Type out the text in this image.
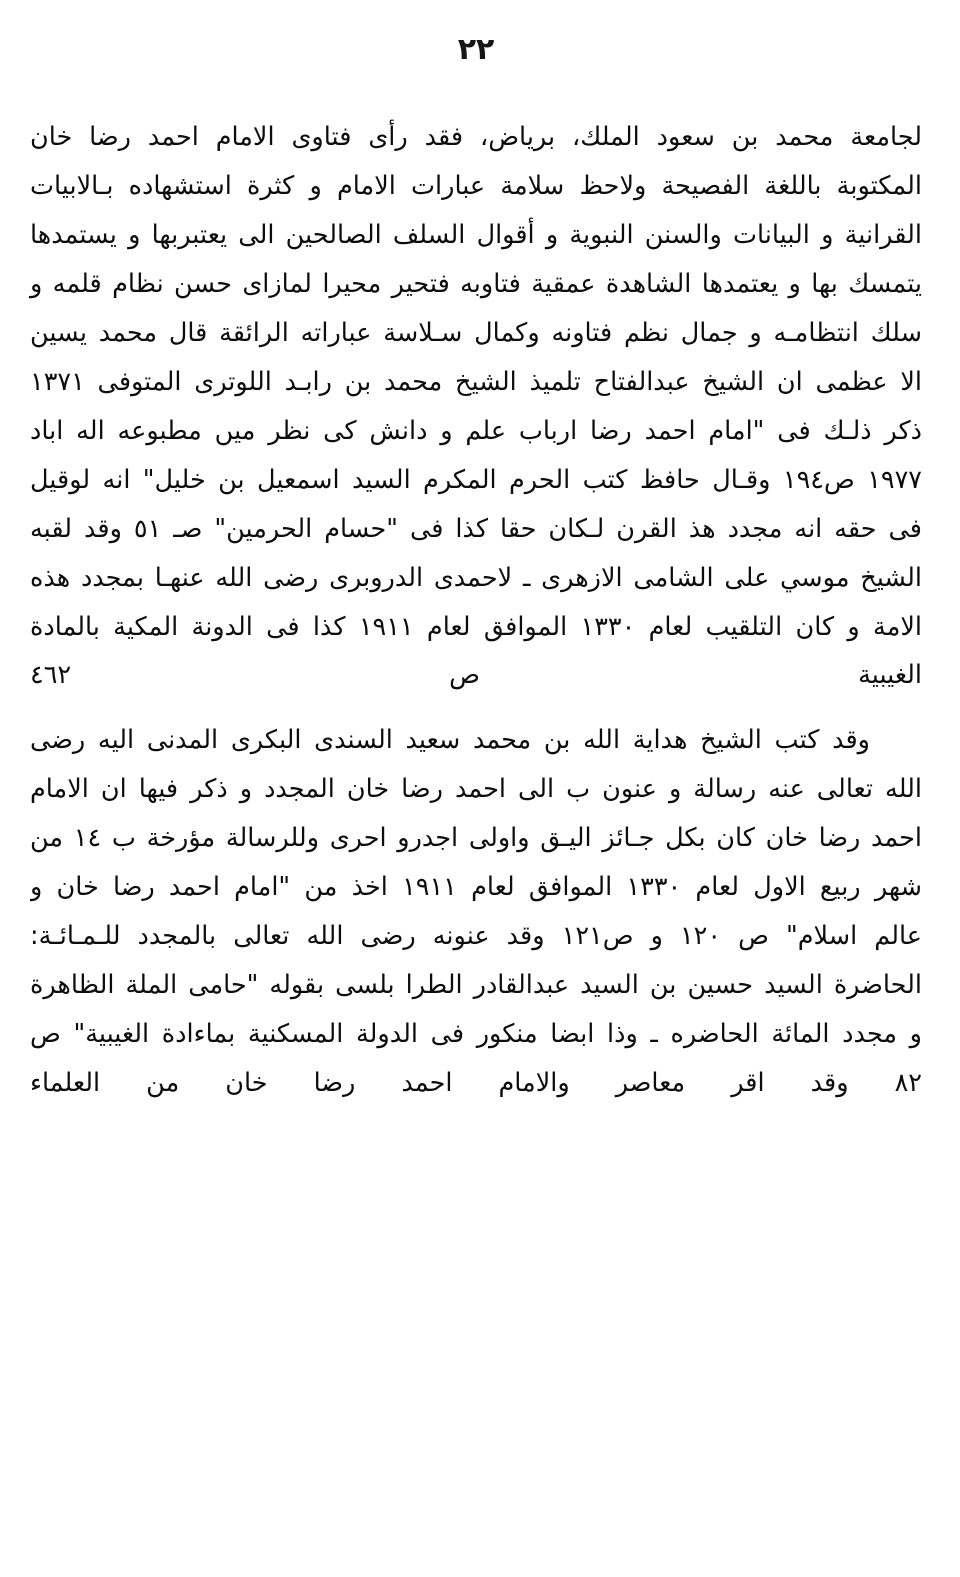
٢٢

لجامعة محمد بن سعود الملك، برياض، فقد رأى فتاوى الامام احمد رضا خان المكتوبة باللغة الفصيحة ولاحظ سلامة عبارات الامام و كثرة استشهاده بـالابيات القرانية و البيانات والسنن النبوية و أقوال السلف الصالحين الى يعتبربها و يستمدها يتمسك بها و يعتمدها الشاهدة عمقية فتاوبه فتحير محيرا لمازاى حسن نظام قلمه و سلك انتظامـه و جمال نظم فتاونه وكمال سـلاسة عباراته الرائقة قال محمد يسين الا عظمى ان الشيخ عبدالفتاح تلميذ الشيخ محمد بن رابـد اللوترى المتوفى ١٣٧١ ذكر ذلـك فى "امام احمد رضا ارباب علم و دانش كى نظر ميں مطبوعه اله اباد ١٩٧٧ ص١٩٤ وقـال حافظ كتب الحرم المكرم السيد اسمعيل بن خليل" انه لوقيل فى حقه انه مجدد هذ القرن لـكان حقا كذا فى "حسام الحرمين" صـ ٥١ وقد لقبه الشيخ موسي على الشامى الازهرى ـ لاحمدى الدروبرى رضى الله عنهـا بمجدد هذه الامة و كان التلقيب لعام ١٣٣٠ الموافق لعام ١٩١١ كذا فى الدونة المكية بالمادة الغيبية ص ٤٦٢

وقد كتب الشيخ هداية الله بن محمد سعيد السندى البكرى المدنى اليه رضى الله تعالى عنه رسالة و عنون ب الى احمد رضا خان المجدد و ذكر فيها ان الامام احمد رضا خان كان بكل جـائز اليـق واولى اجدرو احرى وللرسالة مؤرخة ب ١٤ من شهر ربيع الاول لعام ١٣٣٠ الموافق لعام ١٩١١ اخذ من "امام احمد رضا خان و عالم اسلام" ص ١٢٠ و ص١٢١ وقد عنونه رضى الله تعالى بالمجدد للـمـائـة: الحاضرة السيد حسين بن السيد عبدالقادر الطرا بلسى بقوله "حامى الملة الظاهرة و مجدد المائة الحاضره ـ وذا ابضا منكور فى الدولة المسكنية بماءادة الغيبية" ص ٨٢ وقد اقر معاصر والامام احمد رضا خان من العلماء
